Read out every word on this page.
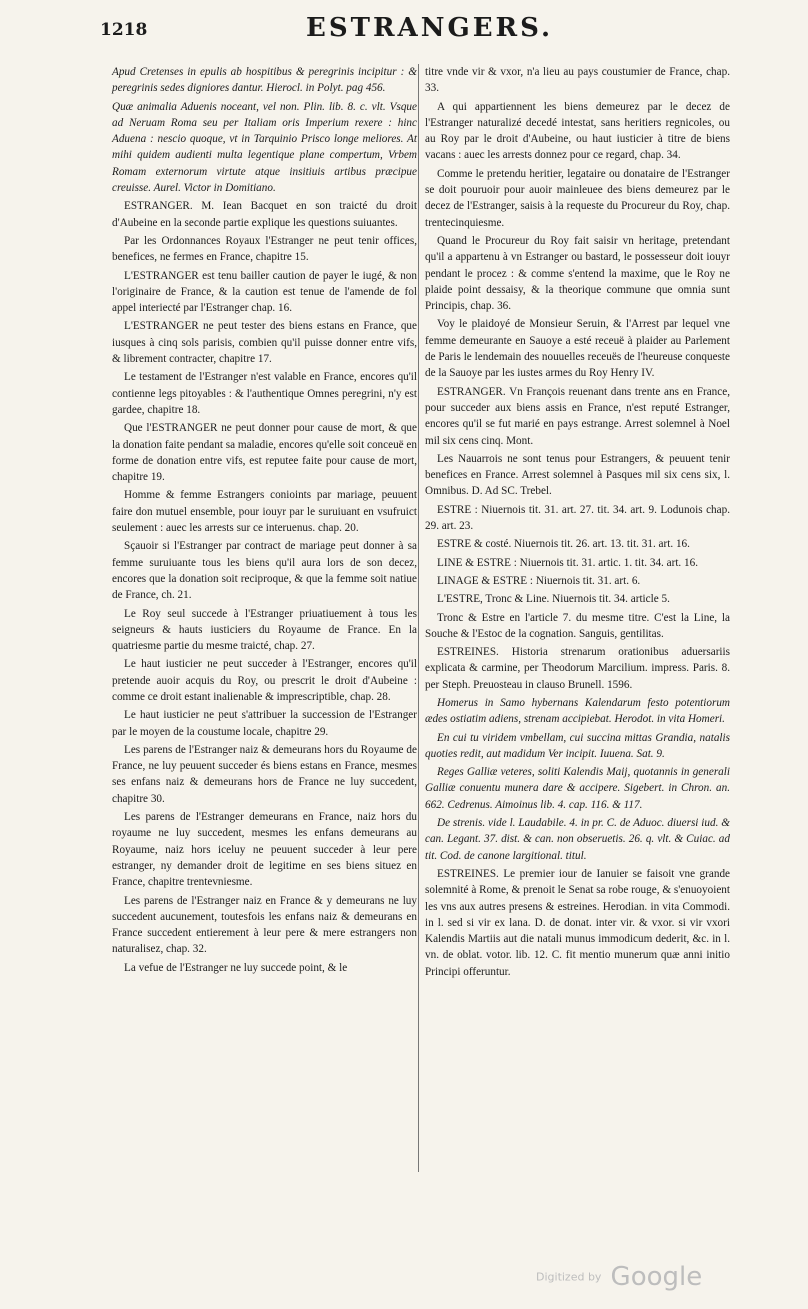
1218	ESTRANGERS.

Apud Cretenses in epulis ab hospitibus & peregrinis incipitur : & peregrinis sedes digniores dantur. Hierocl. in Polyt. pag 456.

Quæ animalia Aduenis noceant, vel non. Plin. lib. 8. c. vlt. Vsque ad Neruam Roma seu per Italiam oris Imperium rexere : hinc Aduena : nescio quoque, vt in Tarquinio Prisco longe meliores. At mihi quidem audienti multa legentique plane compertum, Vrbem Romam externorum virtute atque insitiuis artibus præcipue creuisse. Aurel. Victor in Domitiano.

ESTRANGER. M. Iean Bacquet en son traicté du droit d'Aubeine en la seconde partie explique les questions suiuantes.

Par les Ordonnances Royaux l'Estranger ne peut tenir offices, benefices, ne fermes en France, chapitre 15.

L'ESTRANGER est tenu bailler caution de payer le iugé, & non l'originaire de France, & la caution est tenue de l'amende de fol appel interiecté par l'Estranger chap. 16.

L'ESTRANGER ne peut tester des biens estans en France, que iusques à cinq sols parisis, combien qu'il puisse donner entre vifs, & librement contracter, chapitre 17.

Le testament de l'Estranger n'est valable en France, encores qu'il contienne legs pitoyables : & l'authentique Omnes peregrini, n'y est gardee, chapitre 18.

Que l'ESTRANGER ne peut donner pour cause de mort, & que la donation faite pendant sa maladie, encores qu'elle soit conceuë en forme de donation entre vifs, est reputee faite pour cause de mort, chapitre 19.

Homme & femme Estrangers conioints par mariage, peuuent faire don mutuel ensemble, pour iouyr par le suruiuant en vsufruict seulement : auec les arrests sur ce interuenus. chap. 20.

Sçauoir si l'Estranger par contract de mariage peut donner à sa femme suruiuante tous les biens qu'il aura lors de son decez, encores que la donation soit reciproque, & que la femme soit natiue de France, ch. 21.

Le Roy seul succede à l'Estranger priuatiuement à tous les seigneurs & hauts iusticiers du Royaume de France. En la quatriesme partie du mesme traicté, chap. 27.

Le haut iusticier ne peut succeder à l'Estranger, encores qu'il pretende auoir acquis du Roy, ou prescrit le droit d'Aubeine : comme ce droit estant inalienable & imprescriptible, chap. 28.

Le haut iusticier ne peut s'attribuer la succession de l'Estranger par le moyen de la coustume locale, chapitre 29.

Les parens de l'Estranger naiz & demeurans hors du Royaume de France, ne luy peuuent succeder és biens estans en France, mesmes ses enfans naiz & demeurans hors de France ne luy succedent, chapitre 30.

Les parens de l'Estranger demeurans en France, naiz hors du royaume ne luy succedent, mesmes les enfans demeurans au Royaume, naiz hors iceluy ne peuuent succeder à leur pere estranger, ny demander droit de legitime en ses biens situez en France, chapitre trentevniesme.

Les parens de l'Estranger naiz en France & y demeurans ne luy succedent aucunement, toutesfois les enfans naiz & demeurans en France succedent entierement à leur pere & mere estrangers non naturalisez, chap. 32.

La vefue de l'Estranger ne luy succede point, & le

titre vnde vir & vxor, n'a lieu au pays coustumier de France, chap. 33.

A qui appartiennent les biens demeurez par le decez de l'Estranger naturalizé decedé intestat, sans heritiers regnicoles, ou au Roy par le droit d'Aubeine, ou haut iusticier à titre de biens vacans : auec les arrests donnez pour ce regard, chap. 34.

Comme le pretendu heritier, legataire ou donataire de l'Estranger se doit pouruoir pour auoir mainleuee des biens demeurez par le decez de l'Estranger, saisis à la requeste du Procureur du Roy, chap. trentecinquiesme.

Quand le Procureur du Roy fait saisir vn heritage, pretendant qu'il a appartenu à vn Estranger ou bastard, le possesseur doit iouyr pendant le procez : & comme s'entend la maxime, que le Roy ne plaide point dessaisy, & la theorique commune que omnia sunt Principis, chap. 36.

Voy le plaidoyé de Monsieur Seruin, & l'Arrest par lequel vne femme demeurante en Sauoye a esté receuë à plaider au Parlement de Paris le lendemain des nouuelles receuës de l'heureuse conqueste de la Sauoye par les iustes armes du Roy Henry IV.

ESTRANGER. Vn François reuenant dans trente ans en France, pour succeder aux biens assis en France, n'est reputé Estranger, encores qu'il se fut marié en pays estrange. Arrest solemnel à Noel mil six cens cinq. Mont.

Les Nauarrois ne sont tenus pour Estrangers, & peuuent tenir benefices en France. Arrest solemnel à Pasques mil six cens six, l. Omnibus. D. Ad SC. Trebel.

ESTRE : Niuernois tit. 31. art. 27. tit. 34. art. 9. Lodunois chap. 29. art. 23.

ESTRE & costé. Niuernois tit. 26. art. 13. tit. 31. art. 16.

LINE & ESTRE : Niuernois tit. 31. artic. 1. tit. 34. art. 16.

LINAGE & ESTRE : Niuernois tit. 31. art. 6.

L'ESTRE, Tronc & Line. Niuernois tit. 34. article 5.

Tronc & Estre en l'article 7. du mesme titre. C'est la Line, la Souche & l'Estoc de la cognation. Sanguis, gentilitas.

ESTREINES. Historia strenarum orationibus aduersariis explicata & carmine, per Theodorum Marcilium. impress. Paris. 8. per Steph. Preuosteau in clauso Brunell. 1596.

Homerus in Samo hybernans Kalendarum festo potentiorum ædes ostiatim adiens, strenam accipiebat. Herodot. in vita Homeri.

En cui tu viridem vmbellam, cui succina mittas Grandia, natalis quoties redit, aut madidum Ver incipit. Iuuena. Sat. 9.

Reges Galliæ veteres, soliti Kalendis Maij, quotannis in generali Galliæ conuentu munera dare & accipere. Sigebert. in Chron. an. 662. Cedrenus. Aimoinus lib. 4. cap. 116. & 117.

De strenis. vide l. Laudabile. 4. in pr. C. de Aduoc. diuersi iud. & can. Legant. 37. dist. & can. non obseruetis. 26. q. vlt. & Cuiac. ad tit. Cod. de canone largitional. titul.

ESTREINES. Le premier iour de Ianuier se faisoit vne grande solemnité à Rome, & prenoit le Senat sa robe rouge, & s'enuoyoient les vns aux autres presens & estreines. Herodian. in vita Commodi. in l. sed si vir ex lana. D. de donat. inter vir. & vxor. si vir vxori Kalendis Martiis aut die natali munus immodicum dederit, &c. in l. vn. de oblat. votor. lib. 12. C. fit mentio munerum quæ anni initio Principi offeruntur.

Digitized by Google
